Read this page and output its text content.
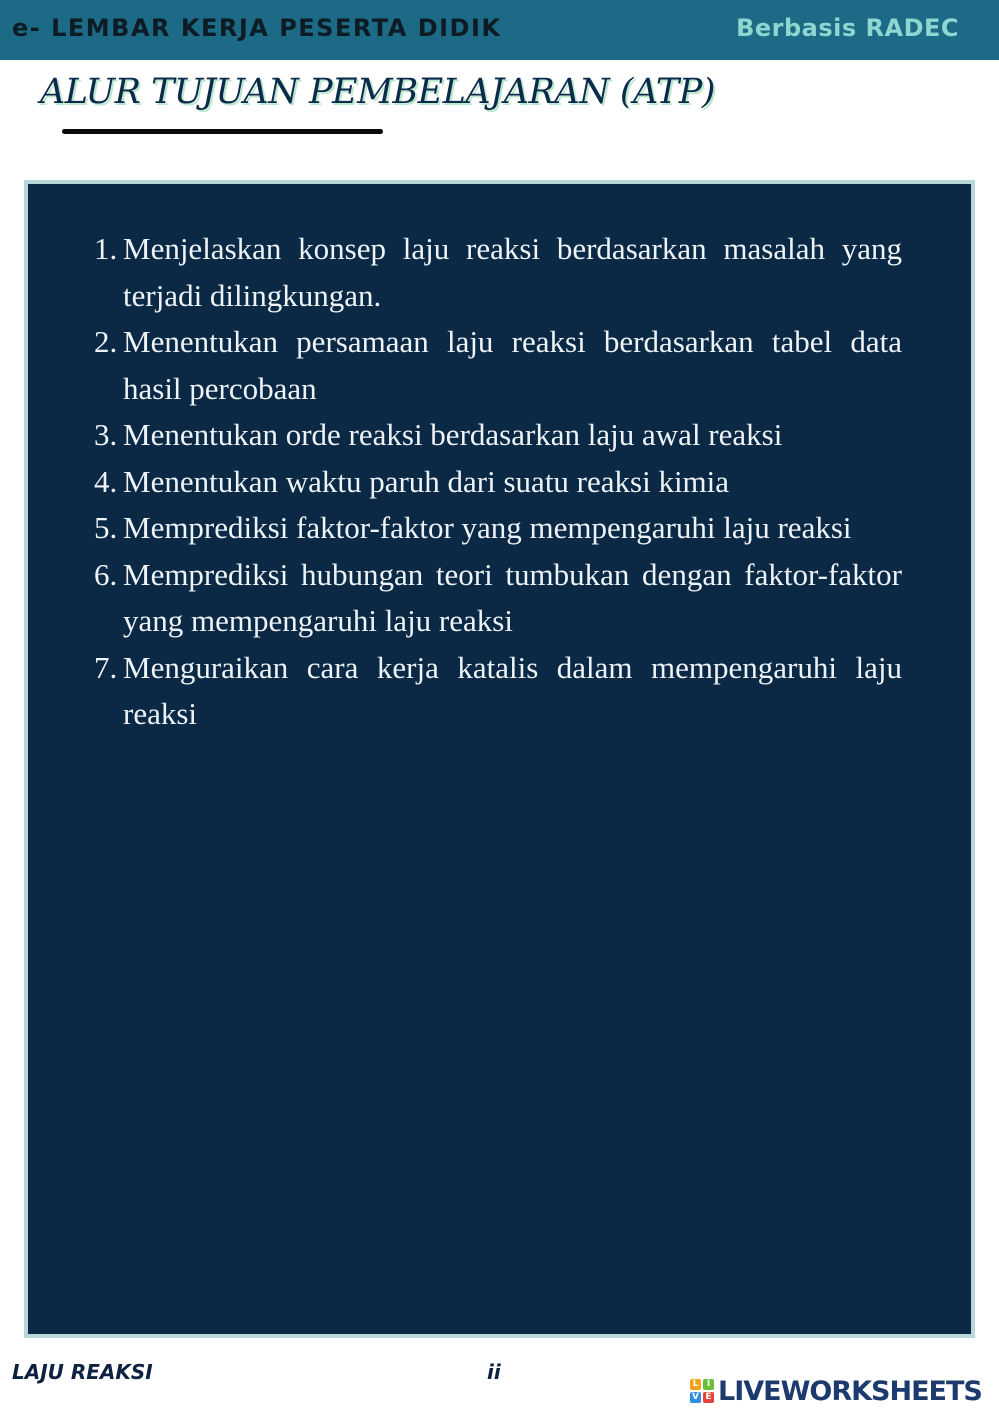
e- LEMBAR KERJA PESERTA DIDIK	Berbasis RADEC
ALUR TUJUAN PEMBELAJARAN (ATP)
1. Menjelaskan konsep laju reaksi berdasarkan masalah yang terjadi dilingkungan.
2. Menentukan persamaan laju reaksi berdasarkan tabel data hasil percobaan
3. Menentukan orde reaksi berdasarkan laju awal reaksi
4. Menentukan waktu paruh dari suatu reaksi kimia
5. Memprediksi faktor-faktor yang mempengaruhi laju reaksi
6. Memprediksi hubungan teori tumbukan dengan faktor-faktor yang mempengaruhi laju reaksi
7. Menguraikan cara kerja katalis dalam mempengaruhi laju reaksi
LAJU REAKSI	ii	L I
V E LIVEWORKSHEETS
